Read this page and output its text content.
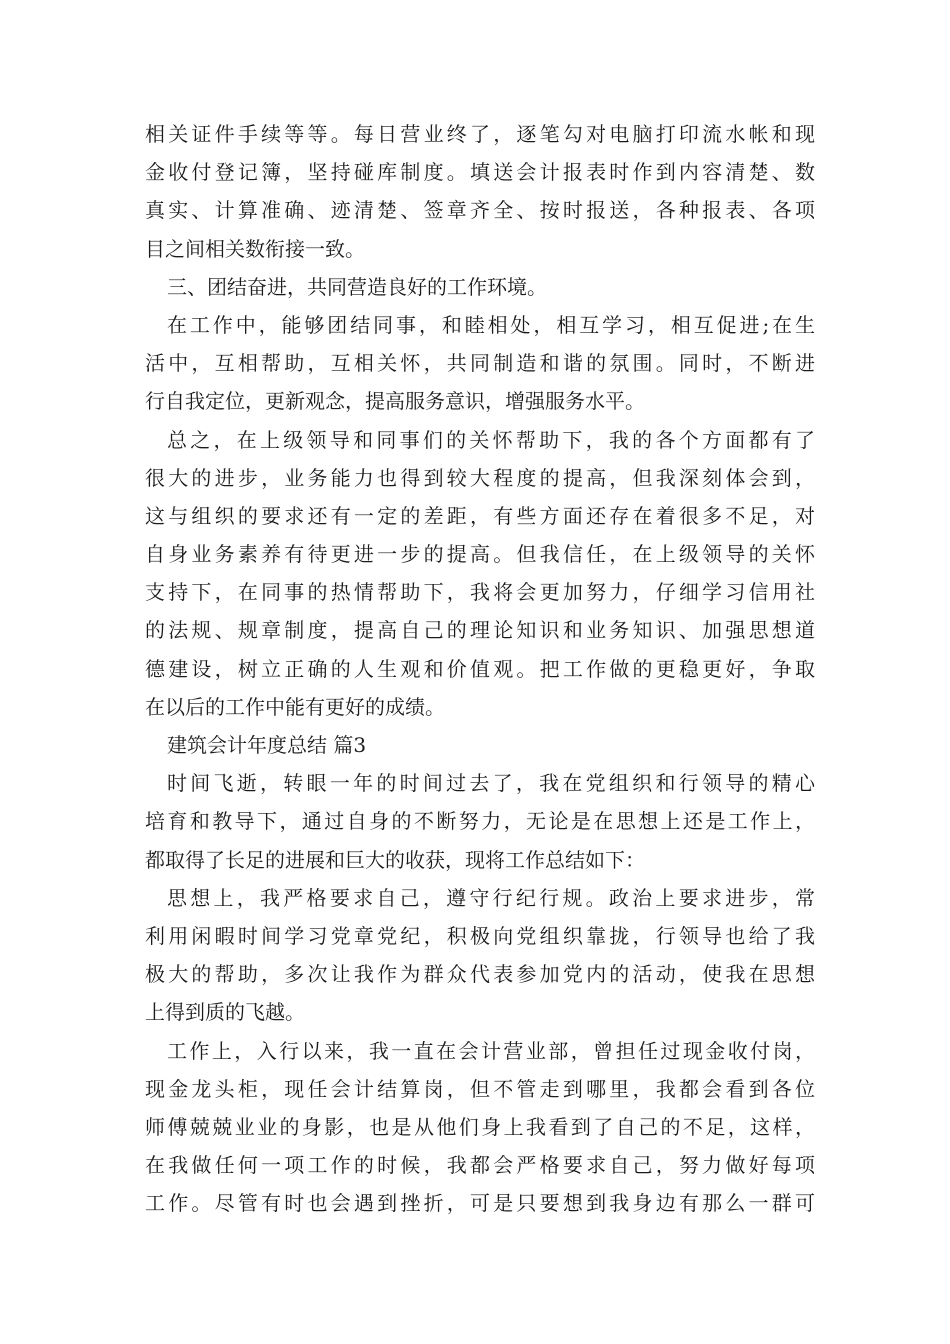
相关证件手续等等。每日营业终了，逐笔勾对电脑打印流水帐和现
金收付登记簿，坚持碰库制度。填送会计报表时作到内容清楚、数
真实、计算准确、迹清楚、签章齐全、按时报送，各种报表、各项
目之间相关数衔接一致。
三、团结奋进，共同营造良好的工作环境。
在工作中，能够团结同事，和睦相处，相互学习，相互促进;在生
活中，互相帮助，互相关怀，共同制造和谐的氛围。同时，不断进
行自我定位，更新观念，提高服务意识，增强服务水平。
总之，在上级领导和同事们的关怀帮助下，我的各个方面都有了
很大的进步，业务能力也得到较大程度的提高，但我深刻体会到，
这与组织的要求还有一定的差距，有些方面还存在着很多不足，对
自身业务素养有待更进一步的提高。但我信任，在上级领导的关怀
支持下，在同事的热情帮助下，我将会更加努力，仔细学习信用社
的法规、规章制度，提高自己的理论知识和业务知识、加强思想道
德建设，树立正确的人生观和价值观。把工作做的更稳更好，争取
在以后的工作中能有更好的成绩。
建筑会计年度总结 篇3
时间飞逝，转眼一年的时间过去了，我在党组织和行领导的精心
培育和教导下，通过自身的不断努力，无论是在思想上还是工作上，
都取得了长足的进展和巨大的收获，现将工作总结如下：
思想上，我严格要求自己，遵守行纪行规。政治上要求进步，常
利用闲暇时间学习党章党纪，积极向党组织靠拢，行领导也给了我
极大的帮助，多次让我作为群众代表参加党内的活动，使我在思想
上得到质的飞越。
工作上，入行以来，我一直在会计营业部，曾担任过现金收付岗，
现金龙头柜，现任会计结算岗，但不管走到哪里，我都会看到各位
师傅兢兢业业的身影，也是从他们身上我看到了自己的不足，这样，
在我做任何一项工作的时候，我都会严格要求自己，努力做好每项
工作。尽管有时也会遇到挫折，可是只要想到我身边有那么一群可
